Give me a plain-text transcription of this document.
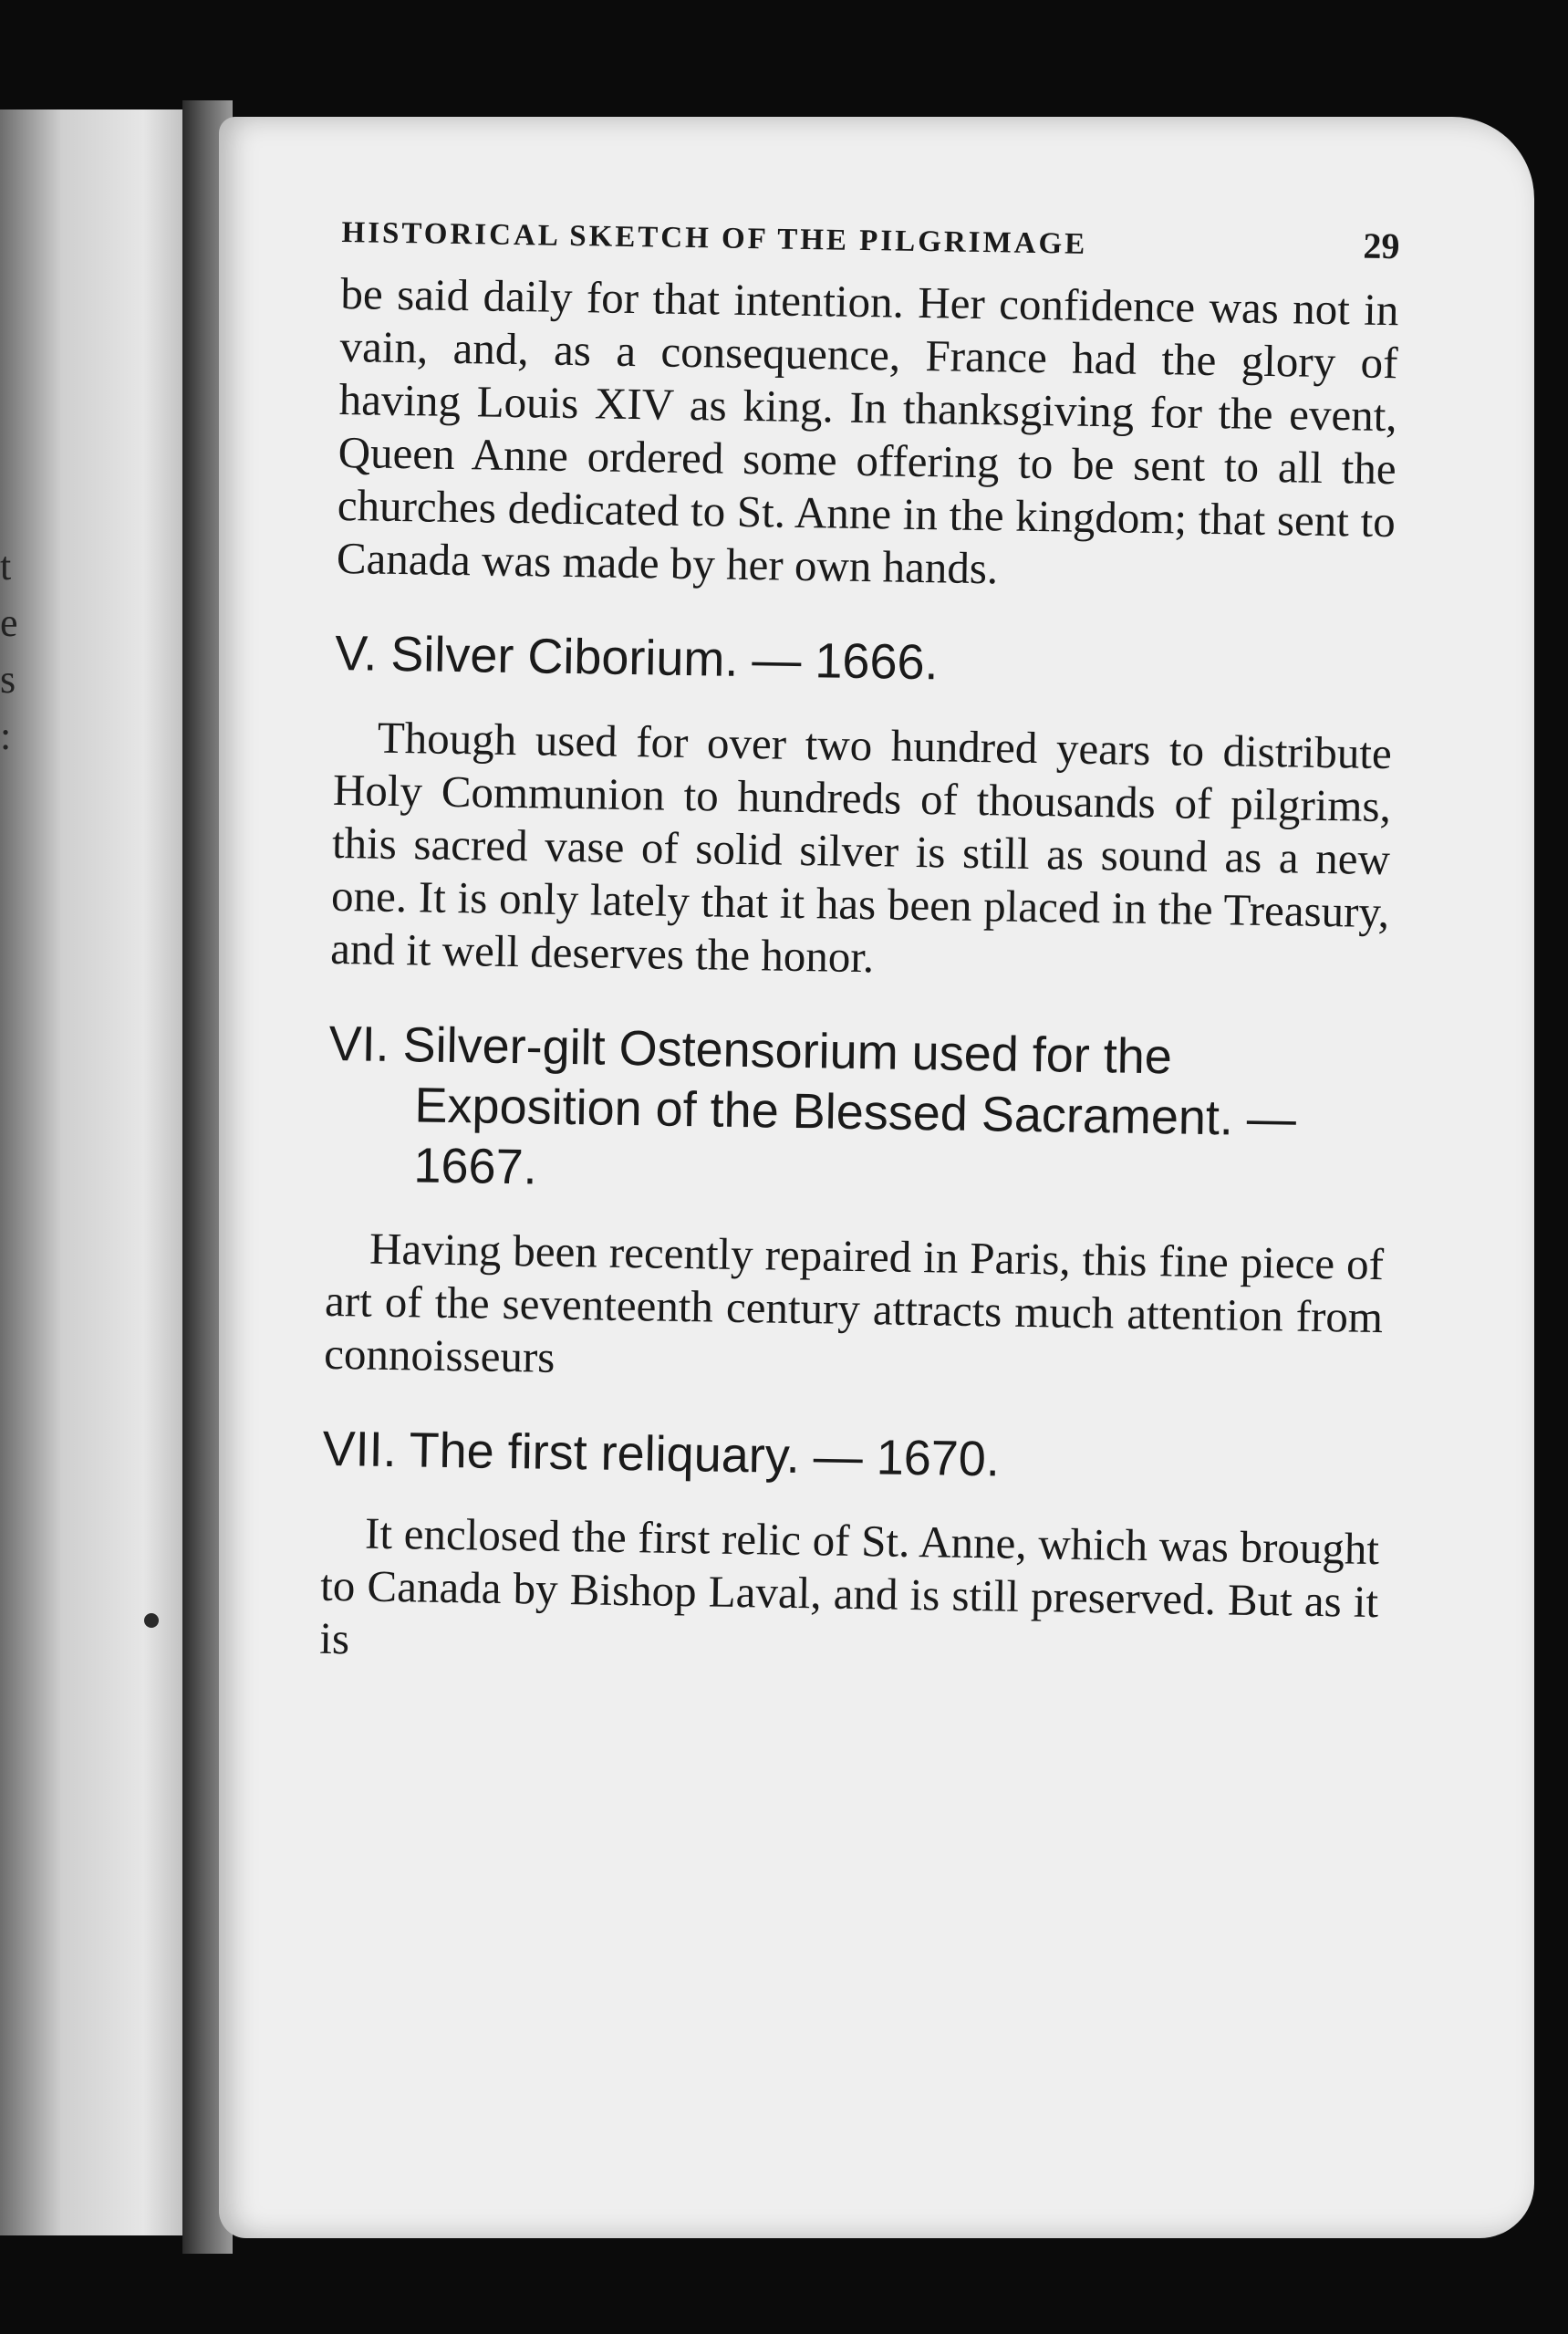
t
e
s
:
HISTORICAL SKETCH OF THE PILGRIMAGE	29

be said daily for that intention. Her confidence was not in vain, and, as a consequence, France had the glory of having Louis XIV as king. In thanksgiving for the event, Queen Anne ordered some offering to be sent to all the churches dedicated to St. Anne in the kingdom; that sent to Canada was made by her own hands.

V. Silver Ciborium. — 1666.

Though used for over two hundred years to distribute Holy Communion to hundreds of thousands of pilgrims, this sacred vase of solid silver is still as sound as a new one. It is only lately that it has been placed in the Treasury, and it well deserves the honor.

VI. Silver-gilt Ostensorium used for the Exposition of the Blessed Sacrament. — 1667.

Having been recently repaired in Paris, this fine piece of art of the seventeenth century attracts much attention from connoisseurs

VII. The first reliquary. — 1670.

It enclosed the first relic of St. Anne, which was brought to Canada by Bishop Laval, and is still preserved. But as it is
